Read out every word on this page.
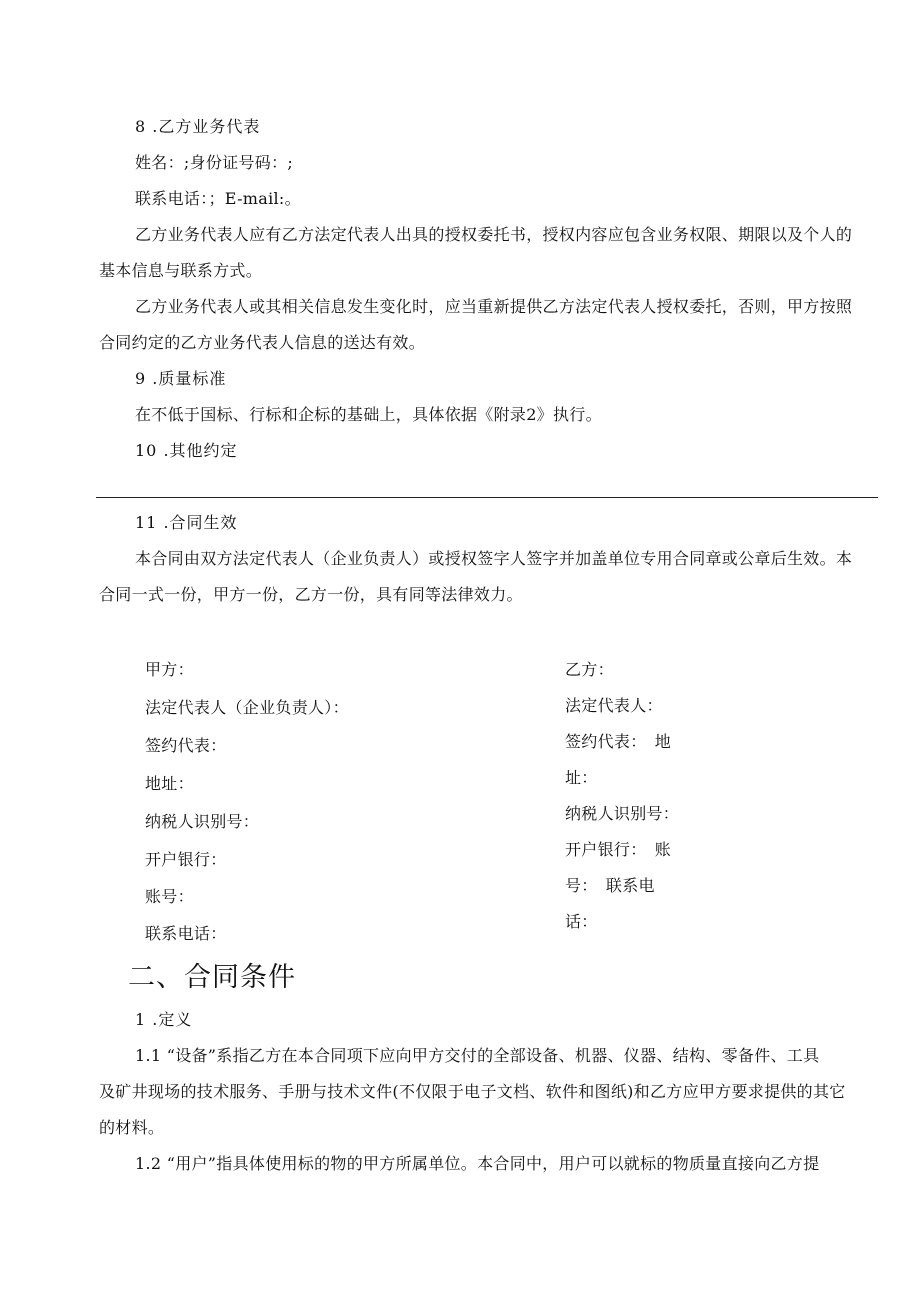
8 .乙方业务代表
姓名：;身份证号码：;
联系电话：；E-mail:。
乙方业务代表人应有乙方法定代表人出具的授权委托书，授权内容应包含业务权限、期限以及个人的
基本信息与联系方式。
乙方业务代表人或其相关信息发生变化时，应当重新提供乙方法定代表人授权委托，否则，甲方按照
合同约定的乙方业务代表人信息的送达有效。
9 .质量标准
在不低于国标、行标和企标的基础上，具体依据《附录2》执行。
10 .其他约定
11 .合同生效
本合同由双方法定代表人（企业负责人）或授权签字人签字并加盖单位专用合同章或公章后生效。本
合同一式一份，甲方一份，乙方一份，具有同等法律效力。
甲方：
法定代表人（企业负责人）：
签约代表：
地址：
纳税人识别号：
开户银行：
账号：
联系电话：
乙方：
法定代表人：
签约代表：　地
址：
纳税人识别号：
开户银行：　账
号：　联系电
话：
二、合同条件
1 .定义
1.1 “设备”系指乙方在本合同项下应向甲方交付的全部设备、机器、仪器、结构、零备件、工具
及矿井现场的技术服务、手册与技术文件(不仅限于电子文档、软件和图纸)和乙方应甲方要求提供的其它
的材料。
1.2 “用户”指具体使用标的物的甲方所属单位。本合同中，用户可以就标的物质量直接向乙方提
